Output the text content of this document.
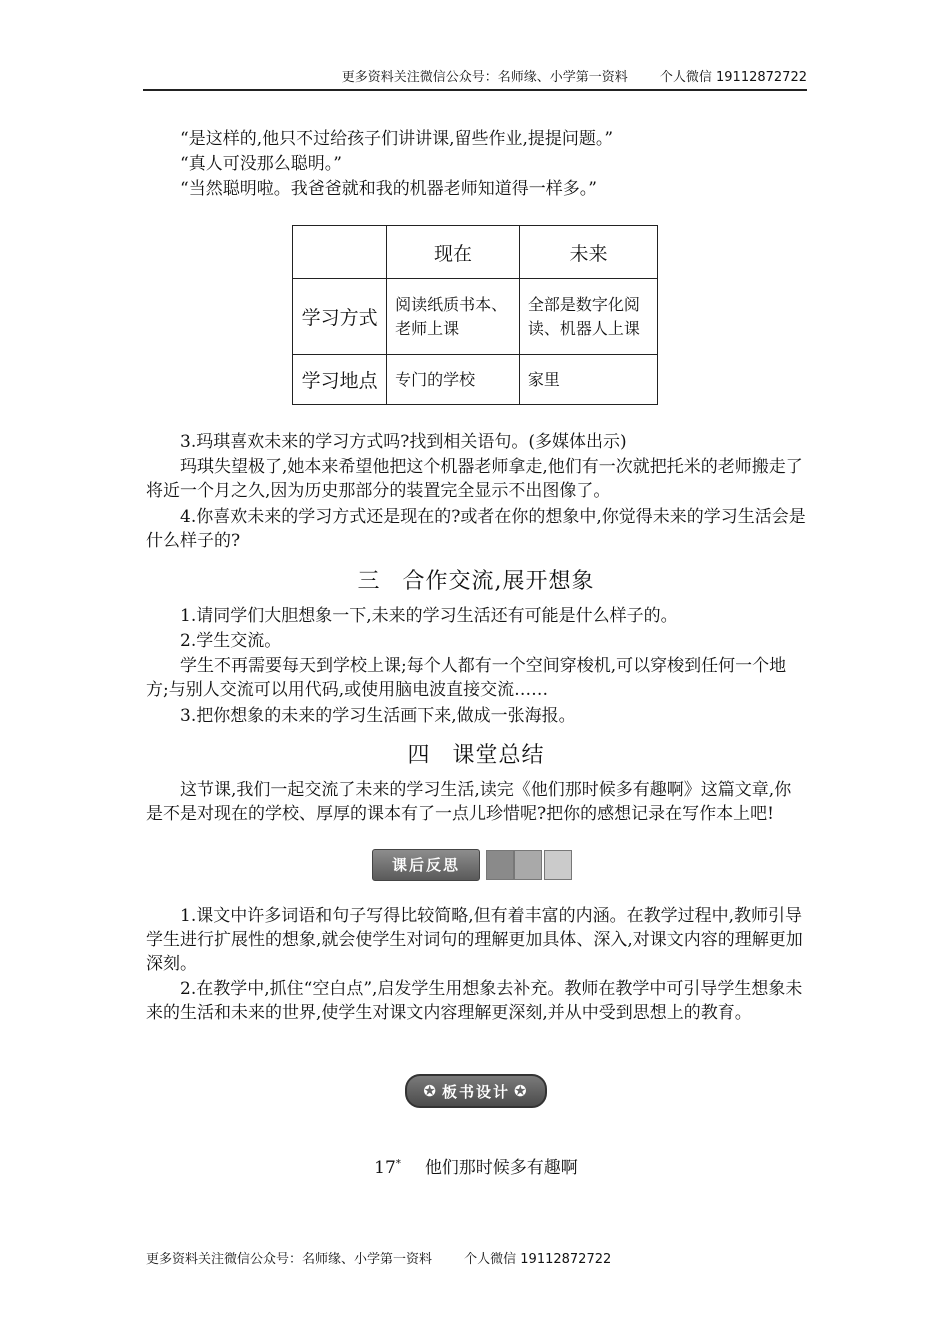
更多资料关注微信公众号：名师缘、小学第一资料 个人微信 19112872722

“是这样的,他只不过给孩子们讲讲课,留些作业,提提问题。”

“真人可没那么聪明。”

“当然聪明啦。我爸爸就和我的机器老师知道得一样多。”

	现在	未来
学习方式	阅读纸质书本、老师上课	全部是数字化阅读、机器人上课
学习地点	专门的学校	家里

3.玛琪喜欢未来的学习方式吗?找到相关语句。(多媒体出示)

玛琪失望极了,她本来希望他把这个机器老师拿走,他们有一次就把托米的老师搬走了将近一个月之久,因为历史那部分的装置完全显示不出图像了。

4.你喜欢未来的学习方式还是现在的?或者在你的想象中,你觉得未来的学习生活会是什么样子的?

三 合作交流,展开想象

1.请同学们大胆想象一下,未来的学习生活还有可能是什么样子的。

2.学生交流。

学生不再需要每天到学校上课;每个人都有一个空间穿梭机,可以穿梭到任何一个地方;与别人交流可以用代码,或使用脑电波直接交流……

3.把你想象的未来的学习生活画下来,做成一张海报。

四 课堂总结

这节课,我们一起交流了未来的学习生活,读完《他们那时候多有趣啊》这篇文章,你是不是对现在的学校、厚厚的课本有了一点儿珍惜呢?把你的感想记录在写作本上吧!

课后反思

1.课文中许多词语和句子写得比较简略,但有着丰富的内涵。在教学过程中,教师引导学生进行扩展性的想象,就会使学生对词句的理解更加具体、深入,对课文内容的理解更加深刻。

2.在教学中,抓住“空白点”,启发学生用想象去补充。教师在教学中可引导学生想象未来的生活和未来的世界,使学生对课文内容理解更深刻,并从中受到思想上的教育。

✪ 板书设计 ✪
17* 他们那时候多有趣啊
更多资料关注微信公众号：名师缘、小学第一资料 个人微信 19112872722
